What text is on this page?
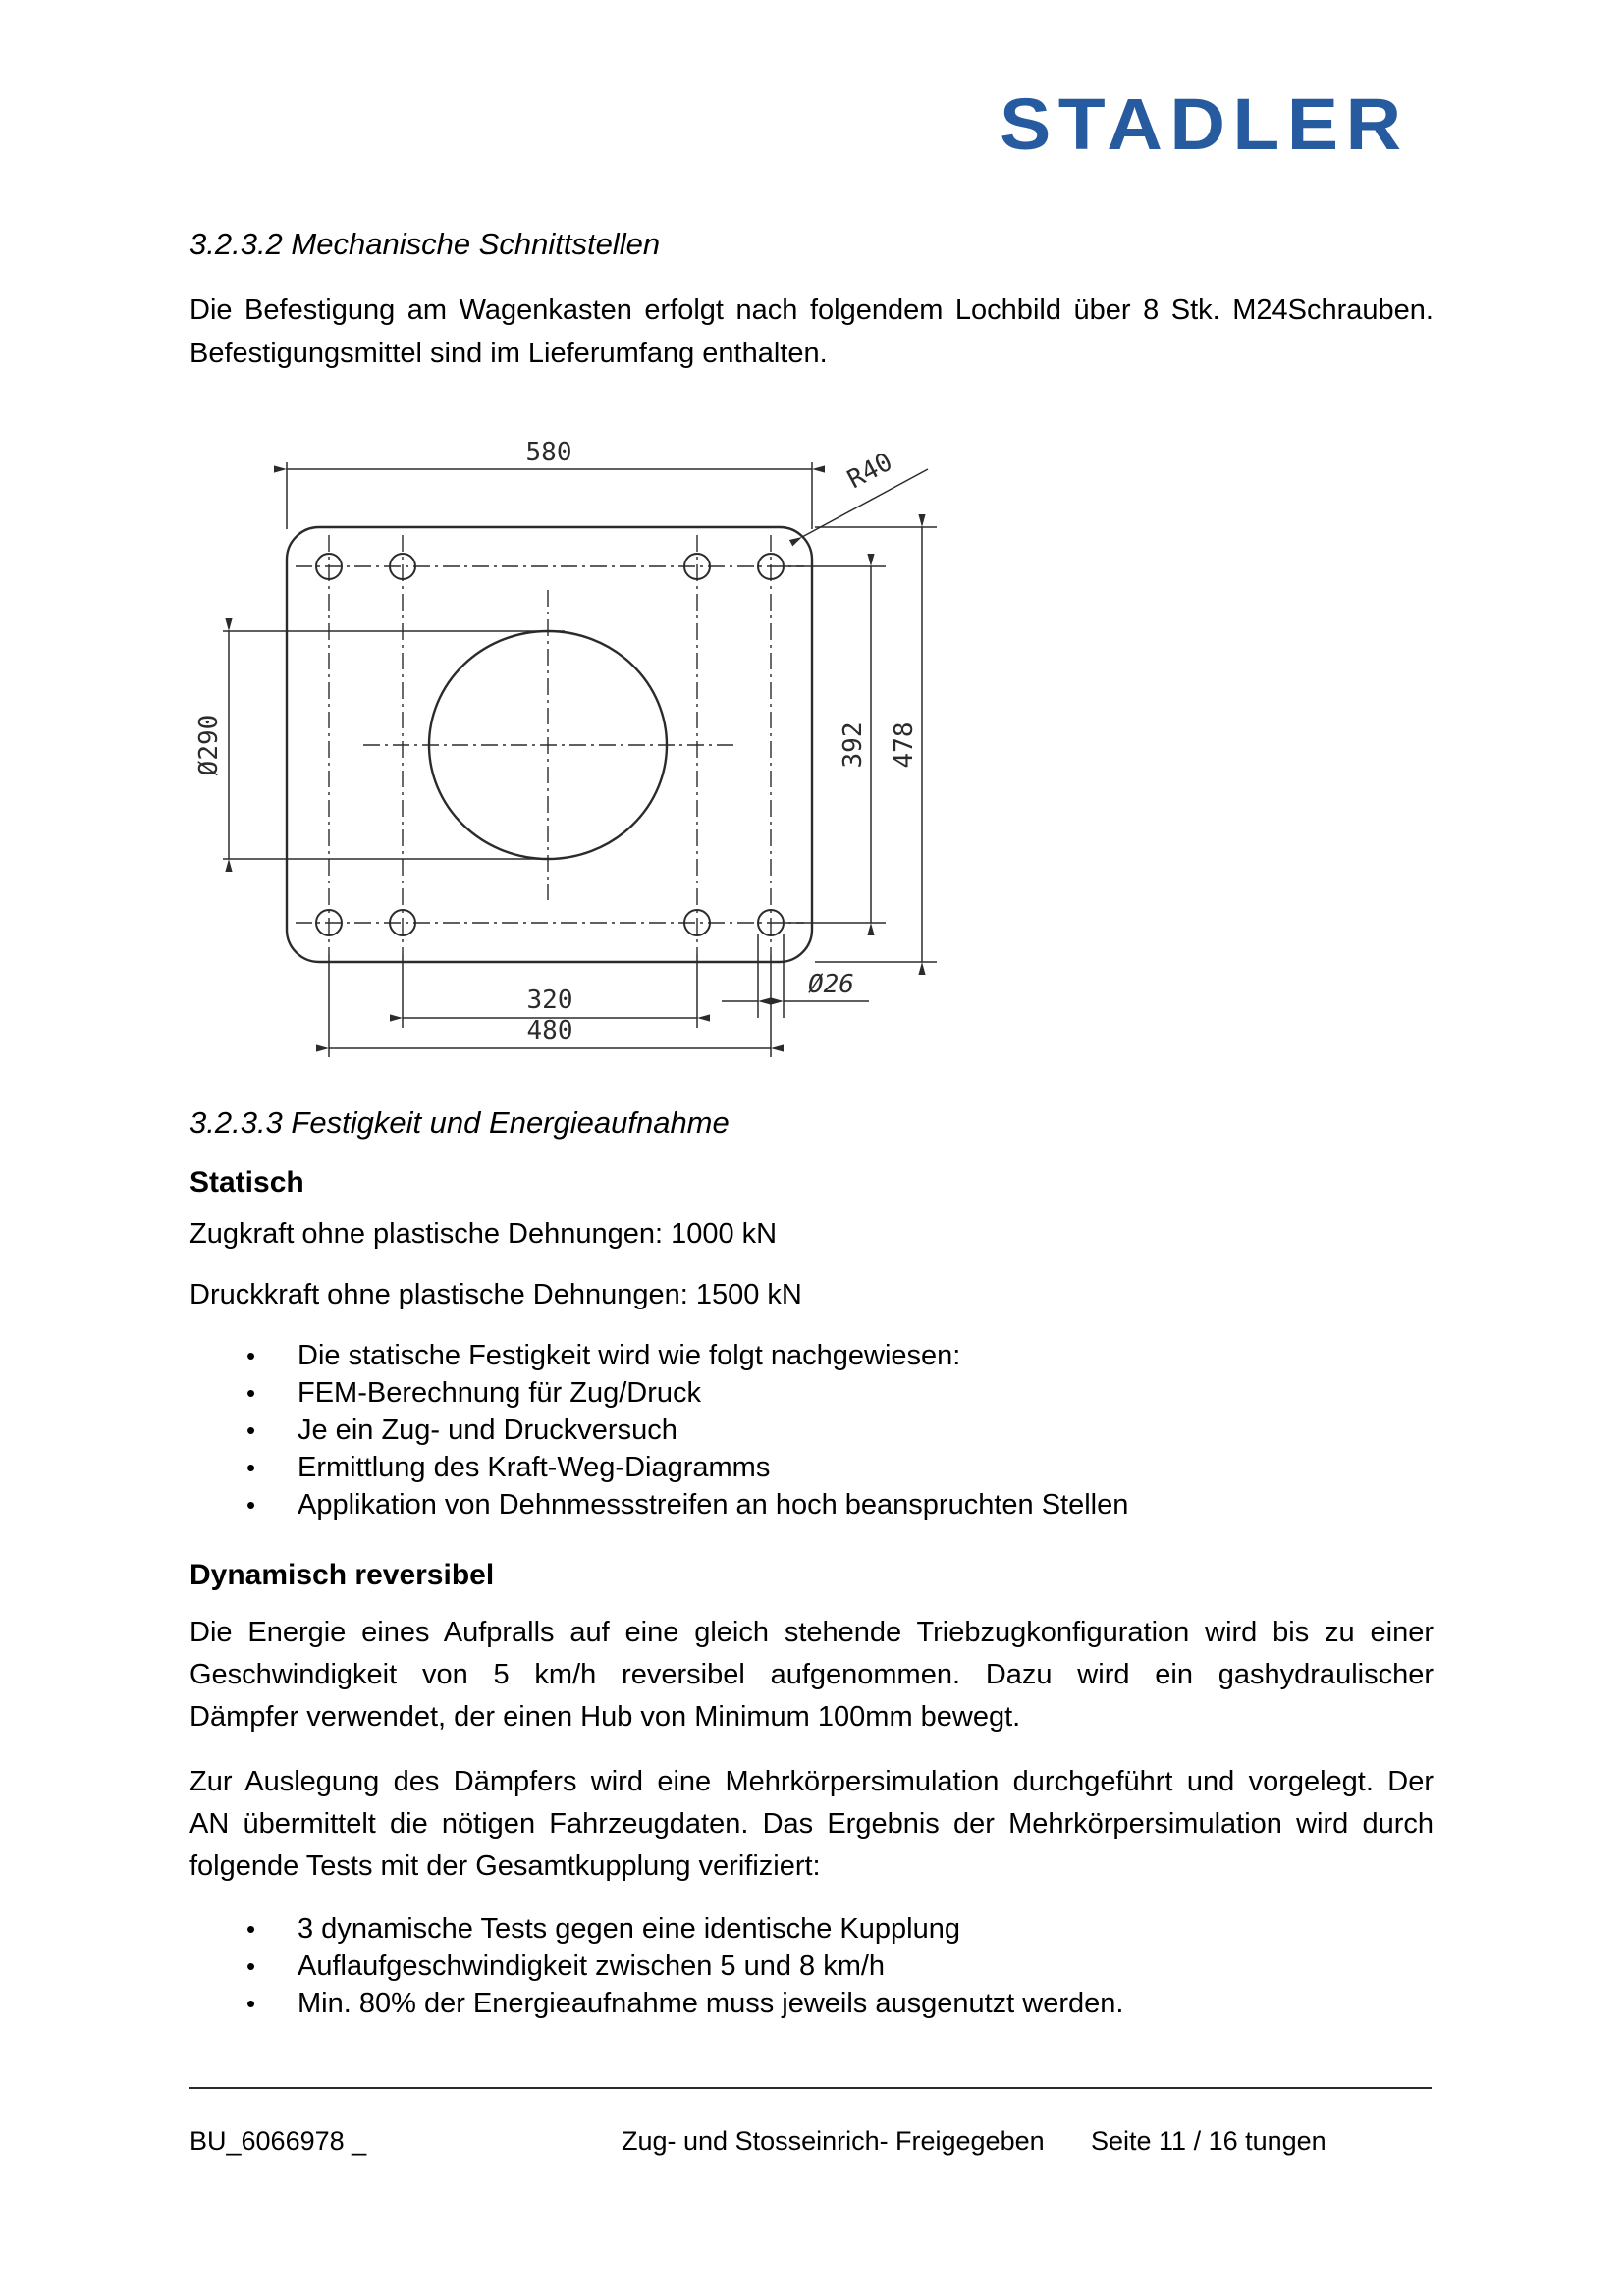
STADLER
3.2.3.2 Mechanische Schnittstellen
Die Befestigung am Wagenkasten erfolgt nach folgendem Lochbild über 8 Stk. M24Schrauben.
Befestigungsmittel sind im Lieferumfang enthalten.
580	R40
Ø290	392 478
320
480
Ø26
3.2.3.3 Festigkeit und Energieaufnahme
Statisch
Zugkraft ohne plastische Dehnungen: 1000 kN
Druckkraft ohne plastische Dehnungen: 1500 kN
•	Die statische Festigkeit wird wie folgt nachgewiesen:
•	FEM-Berechnung für Zug/Druck
•	Je ein Zug- und Druckversuch
•	Ermittlung des Kraft-Weg-Diagramms
•	Applikation von Dehnmessstreifen an hoch beanspruchten Stellen
Dynamisch reversibel
Die Energie eines Aufpralls auf eine gleich stehende Triebzugkonfiguration wird bis zu einer
Geschwindigkeit von 5 km/h reversibel aufgenommen. Dazu wird ein gashydraulischer
Dämpfer verwendet, der einen Hub von Minimum 100mm bewegt.
Zur Auslegung des Dämpfers wird eine Mehrkörpersimulation durchgeführt und vorgelegt. Der
AN übermittelt die nötigen Fahrzeugdaten. Das Ergebnis der Mehrkörpersimulation wird durch
folgende Tests mit der Gesamtkupplung verifiziert:
•	3 dynamische Tests gegen eine identische Kupplung
•	Auflaufgeschwindigkeit zwischen 5 und 8 km/h
•	Min. 80% der Energieaufnahme muss jeweils ausgenutzt werden.
BU_6066978 _	Zug- und Stosseinrich- Freigegeben Seite 11 / 16 tungen
